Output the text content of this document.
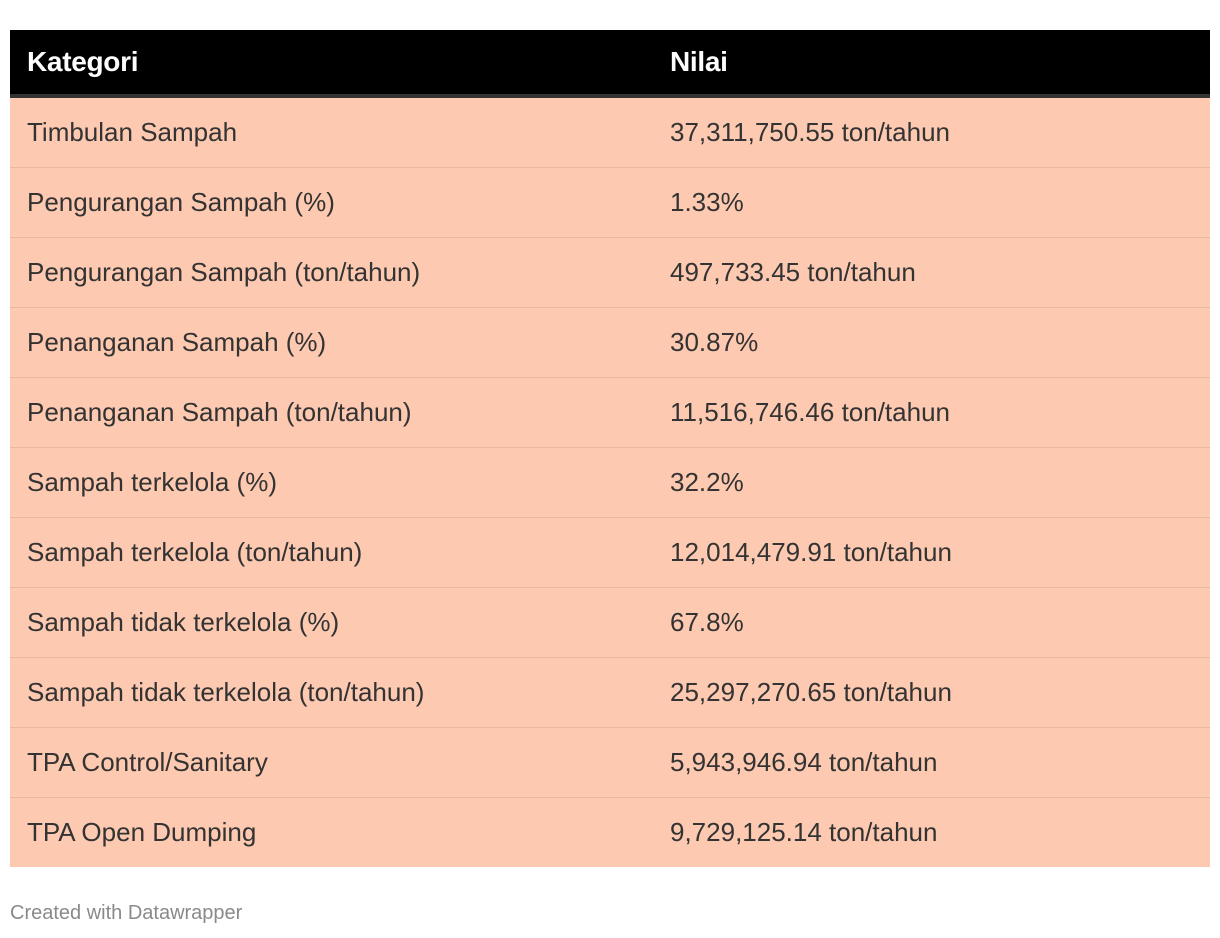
Kategori	Nilai
Timbulan Sampah	37,311,750.55 ton/tahun
Pengurangan Sampah (%)	1.33%
Pengurangan Sampah (ton/tahun)	497,733.45 ton/tahun
Penanganan Sampah (%)	30.87%
Penanganan Sampah (ton/tahun)	11,516,746.46 ton/tahun
Sampah terkelola (%)	32.2%
Sampah terkelola (ton/tahun)	12,014,479.91 ton/tahun
Sampah tidak terkelola (%)	67.8%
Sampah tidak terkelola (ton/tahun)	25,297,270.65 ton/tahun
TPA Control/Sanitary	5,943,946.94 ton/tahun
TPA Open Dumping	9,729,125.14 ton/tahun
Created with Datawrapper
